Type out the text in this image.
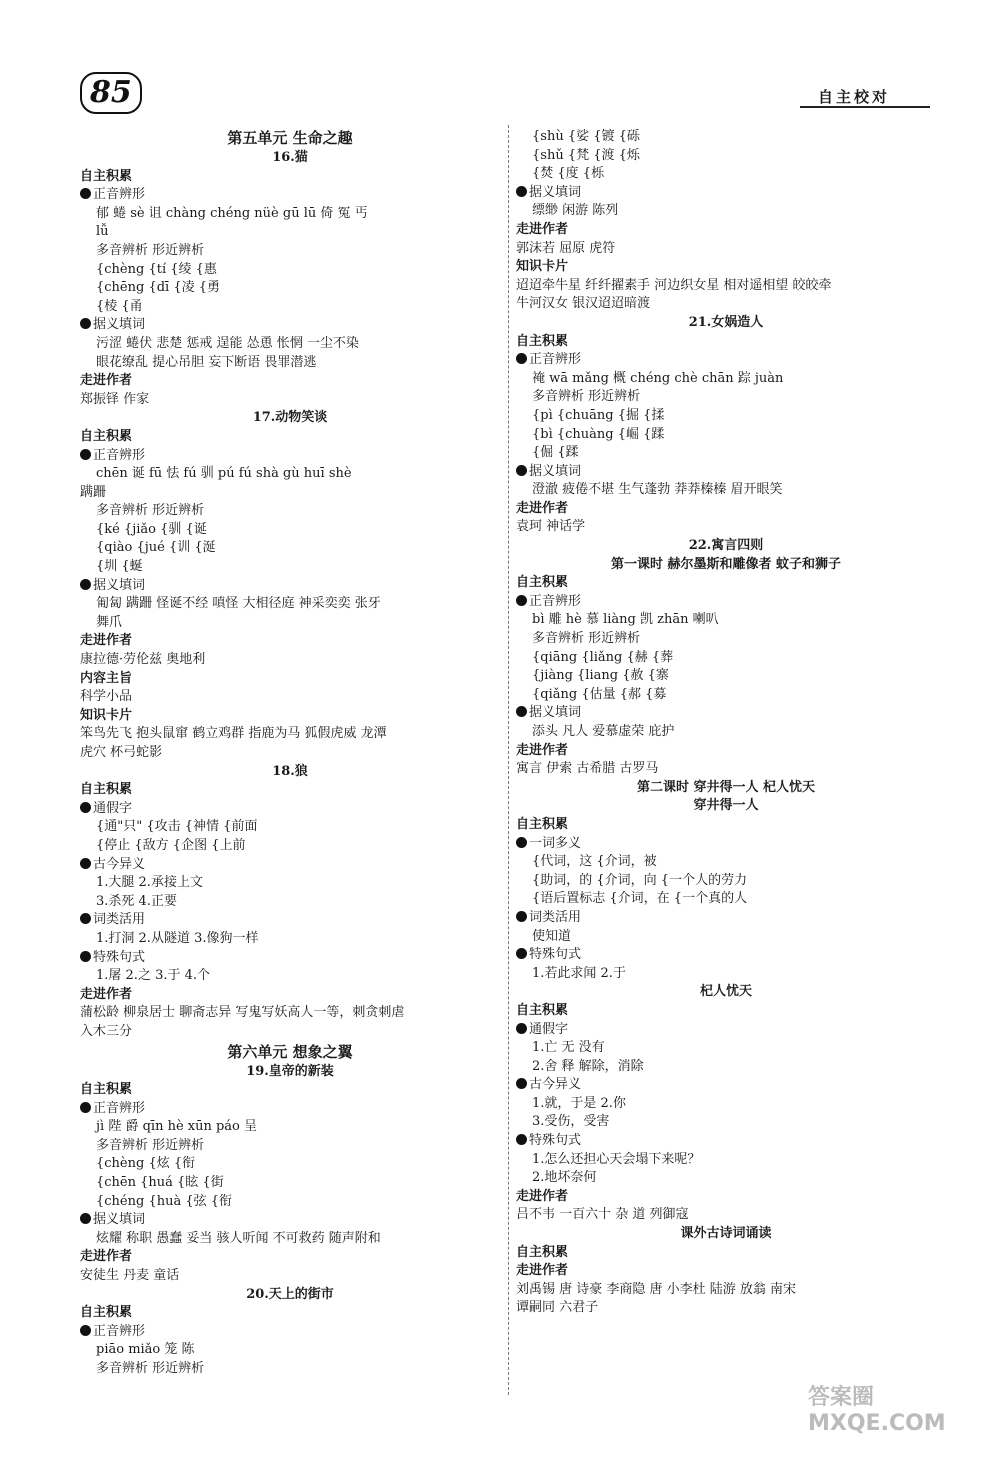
85	自主校对
第五单元 生命之趣
16.猫
自主积累
正音辨形
郁 蜷 sè 诅 chàng chéng nüè gū lū 倚 冤 丐
lǚ
多音辨析 形近辨析
{chèng {tí {绫 {惠
{chēng {dī {凌 {勇
{棱 {甬
据义填词
污涩 蜷伏 悲楚 惩戒 逞能 怂恿 怅惘 一尘不染
眼花缭乱 提心吊胆 妄下断语 畏罪潜逃
走进作者
郑振铎 作家
17.动物笑谈
自主积累
正音辨形
chēn 诞 fū 怯 fú 驯 pú fú shà gù huī shè
蹒跚
多音辨析 形近辨析
{ké {jiǎo {驯 {诞
{qiào {jué {训 {涎
{圳 {蜒
据义填词
匍匐 蹒跚 怪诞不经 嗔怪 大相径庭 神采奕奕 张牙
舞爪
走进作者
康拉德·劳伦兹 奥地利
内容主旨
科学小品
知识卡片
笨鸟先飞 抱头鼠窜 鹤立鸡群 指鹿为马 狐假虎威 龙潭
虎穴 杯弓蛇影
18.狼
自主积累
通假字
{通"只" {攻击 {神情 {前面
{停止 {敌方 {企图 {上前
古今异义
1.大腿 2.承接上文
3.杀死 4.正要
词类活用
1.打洞 2.从隧道 3.像狗一样
特殊句式
1.屠 2.之 3.于 4.个
走进作者
蒲松龄 柳泉居士 聊斋志异 写鬼写妖高人一等，刺贪刺虐
入木三分
第六单元 想象之翼
19.皇帝的新装
自主积累
正音辨形
jì 陛 爵 qīn hè xūn páo 呈
多音辨析 形近辨析
{chèng {炫 {衔
{chēn {huá {眩 {街
{chéng {huà {弦 {衔
据义填词
炫耀 称职 愚蠢 妥当 骇人听闻 不可救药 随声附和
走进作者
安徒生 丹麦 童话
20.天上的街市
自主积累
正音辨形
piāo miǎo 笼 陈
多音辨析 形近辨析
{shù {娑 {镀 {砾
{shǔ {梵 {渡 {烁
{焚 {度 {栎
据义填词
缥缈 闲游 陈列
走进作者
郭沫若 屈原 虎符
知识卡片
迢迢牵牛星 纤纤擢素手 河边织女星 相对遥相望 皎皎牵
牛河汉女 银汉迢迢暗渡
21.女娲造人
自主积累
正音辨形
䄋 wā mǎng 概 chéng chè chān 踪 juàn
多音辨析 形近辨析
{pì {chuāng {掘 {揉
{bì {chuàng {崛 {蹂
{倔 {蹂
据义填词
澄澈 疲倦不堪 生气蓬勃 莽莽榛榛 眉开眼笑
走进作者
袁珂 神话学
22.寓言四则
第一课时 赫尔墨斯和雕像者 蚊子和狮子
自主积累
正音辨形
bì 雕 hè 慕 liàng 凯 zhān 喇叭
多音辨析 形近辨析
{qiāng {liǎng {赫 {葬
{jiàng {liang {赦 {寨
{qiǎng {估量 {郝 {募
据义填词
添头 凡人 爱慕虚荣 庇护
走进作者
寓言 伊索 古希腊 古罗马
第二课时 穿井得一人 杞人忧天
穿井得一人
自主积累
一词多义
{代词，这 {介词，被
{助词，的 {介词，向 {一个人的劳力
{语后置标志 {介词，在 {一个真的人
词类活用
使知道
特殊句式
1.若此求闻 2.于
杞人忧天
自主积累
通假字
1.亡 无 没有
2.舍 释 解除，消除
古今异义
1.就，于是 2.你
3.受伤，受害
特殊句式
1.怎么还担心天会塌下来呢？
2.地坏奈何
走进作者
吕不韦 一百六十 杂 道 列御寇
课外古诗词诵读
自主积累
走进作者
刘禹锡 唐 诗豪 李商隐 唐 小李杜 陆游 放翁 南宋
谭嗣同 六君子
答案圈 MXQE.COM
